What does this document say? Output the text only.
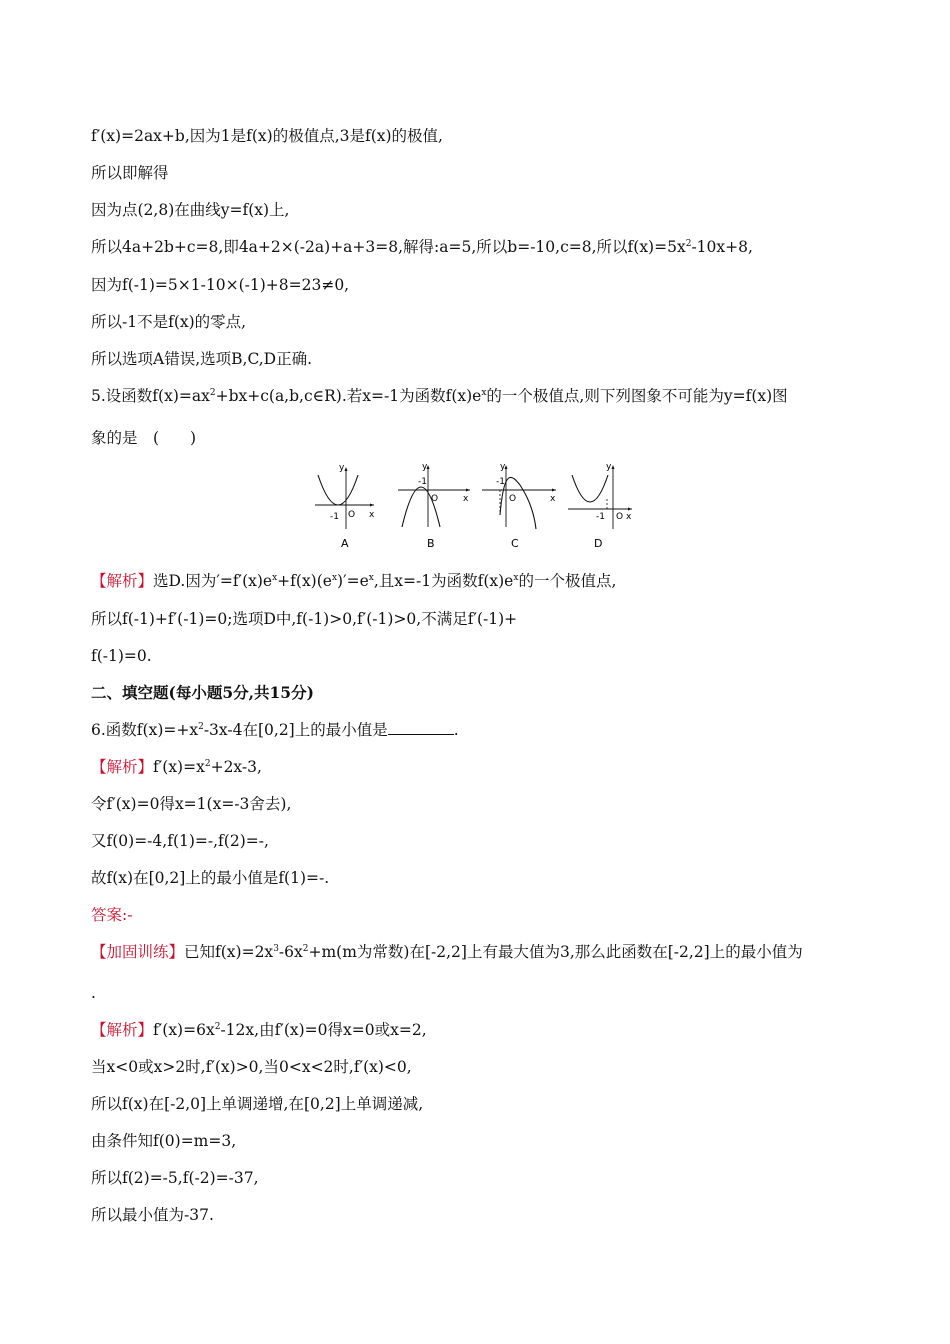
f′(x)=2ax+b,因为1是f(x)的极值点,3是f(x)的极值,
所以即解得
因为点(2,8)在曲线y=f(x)上,
所以4a+2b+c=8,即4a+2×(-2a)+a+3=8,解得:a=5,所以b=-10,c=8,所以$f(x)=5x^2-10x+8$,
因为f(-1)=5×1-10×(-1)+8=23≠0,
所以-1不是f(x)的零点,
所以选项A错误,选项B,C,D正确.
5.设函数$f(x)=ax^2+bx+c(a,b,c\in R)$.若x=-1为函数$f(x)e^x$的一个极值点,则下列图象不可能为y=f(x)图
象的是　(　　)
y
x
O
-1
A
y
x
O
-1
B
y
x
O
-1
C
y
x
O
-1
D
【解析】选D.因为$'=f'(x)e^x+f(x)(e^x)'=e^x$,且x=-1为函数$f(x)e^x$的一个极值点,
所以f(-1)+f′(-1)=0;选项D中,f(-1)>0,f′(-1)>0,不满足f′(-1)+
f(-1)=0.
二、填空题(每小题5分,共15分)
6.函数$f(x)=+x^2-3x-4$在[0,2]上的最小值是	.
【解析】$f'(x)=x^2+2x-3$,
令f′(x)=0得x=1(x=-3舍去),
又f(0)=-4,f(1)=-,f(2)=-,
故f(x)在[0,2]上的最小值是f(1)=-.
答案:-
【加固训练】已知$f(x)=2x^3-6x^2+m(m$为常数)在[-2,2]上有最大值为3,那么此函数在[-2,2]上的最小值为
.
【解析】$f'(x)=6x^2-12x$,由f′(x)=0得x=0或x=2,
当x<0或x>2时,f′(x)>0,当0<x<2时,f′(x)<0,
所以f(x)在[-2,0]上单调递增,在[0,2]上单调递减,
由条件知f(0)=m=3,
所以f(2)=-5,f(-2)=-37,
所以最小值为-37.
